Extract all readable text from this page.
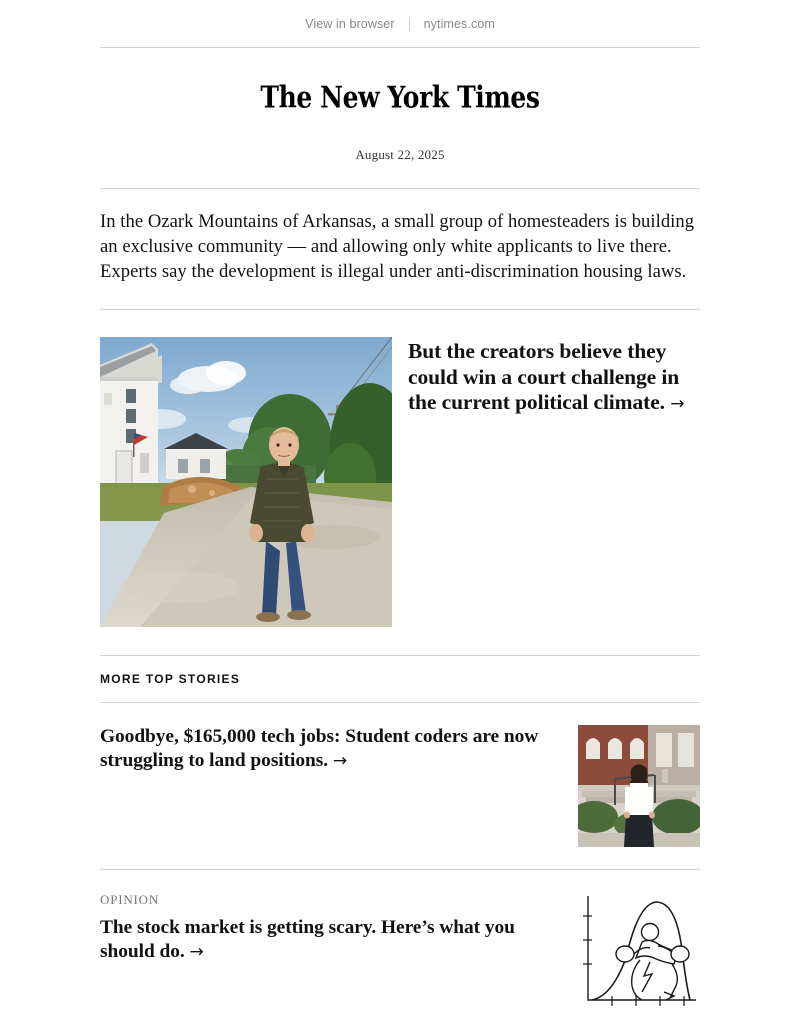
View in browser nytimes.com
The New York Times
August 22, 2025
In the Ozark Mountains of Arkansas, a small group of homesteaders is building an exclusive community — and allowing only white applicants to live there. Experts say the development is illegal under anti-discrimination housing laws.
But the creators believe they could win a court challenge in the current political climate. →
MORE TOP STORIES
Goodbye, $165,000 tech jobs: Student coders are now struggling to land positions. →
OPINION
The stock market is getting scary. Here’s what you should do. →
